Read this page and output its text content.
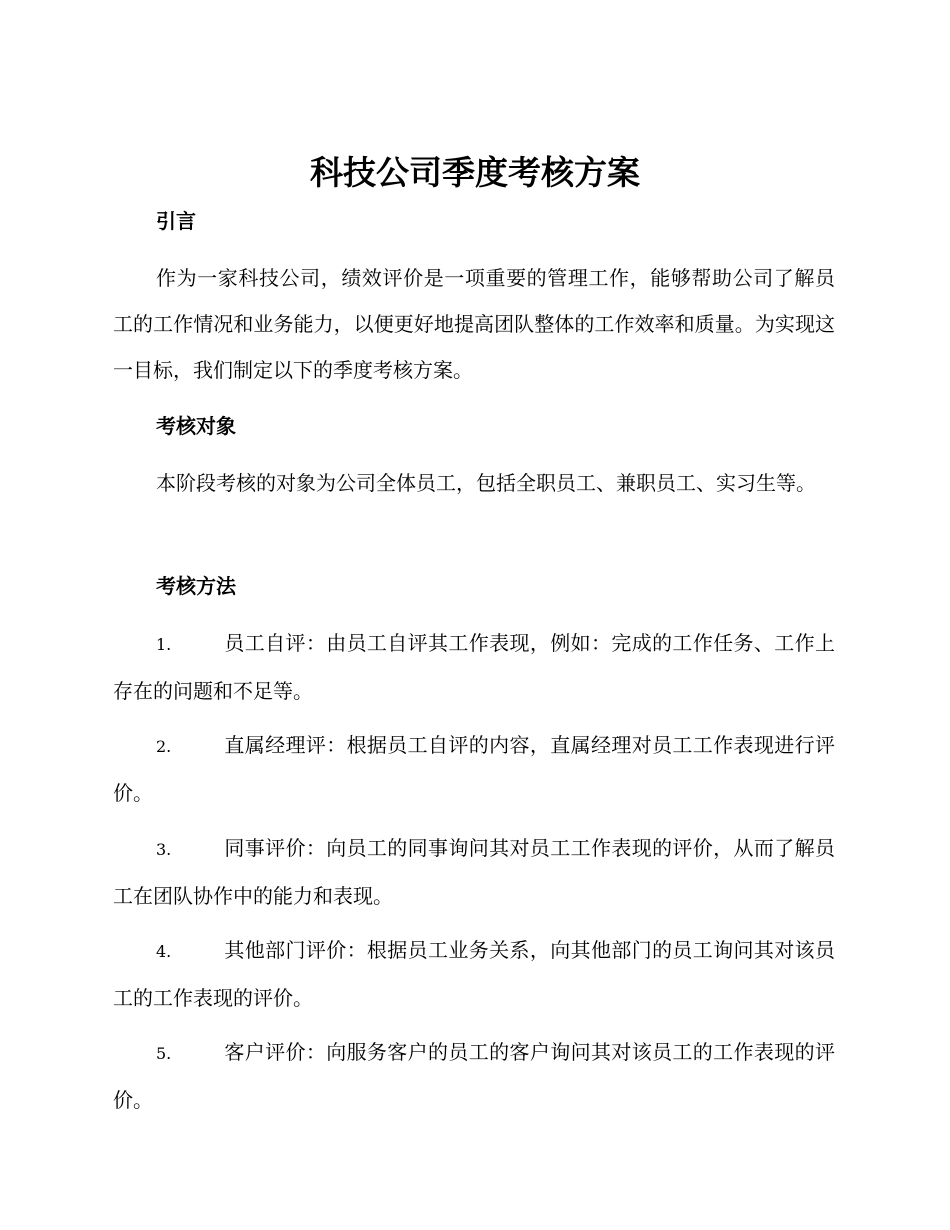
科技公司季度考核方案
引言
作为一家科技公司，绩效评价是一项重要的管理工作，能够帮助公司了解员工的工作情况和业务能力，以便更好地提高团队整体的工作效率和质量。为实现这一目标，我们制定以下的季度考核方案。
考核对象
本阶段考核的对象为公司全体员工，包括全职员工、兼职员工、实习生等。
考核方法
1.	员工自评：由员工自评其工作表现，例如：完成的工作任务、工作上存在的问题和不足等。
2.	直属经理评：根据员工自评的内容，直属经理对员工工作表现进行评价。
3.	同事评价：向员工的同事询问其对员工工作表现的评价，从而了解员工在团队协作中的能力和表现。
4.	其他部门评价：根据员工业务关系，向其他部门的员工询问其对该员工的工作表现的评价。
5.	客户评价：向服务客户的员工的客户询问其对该员工的工作表现的评价。
